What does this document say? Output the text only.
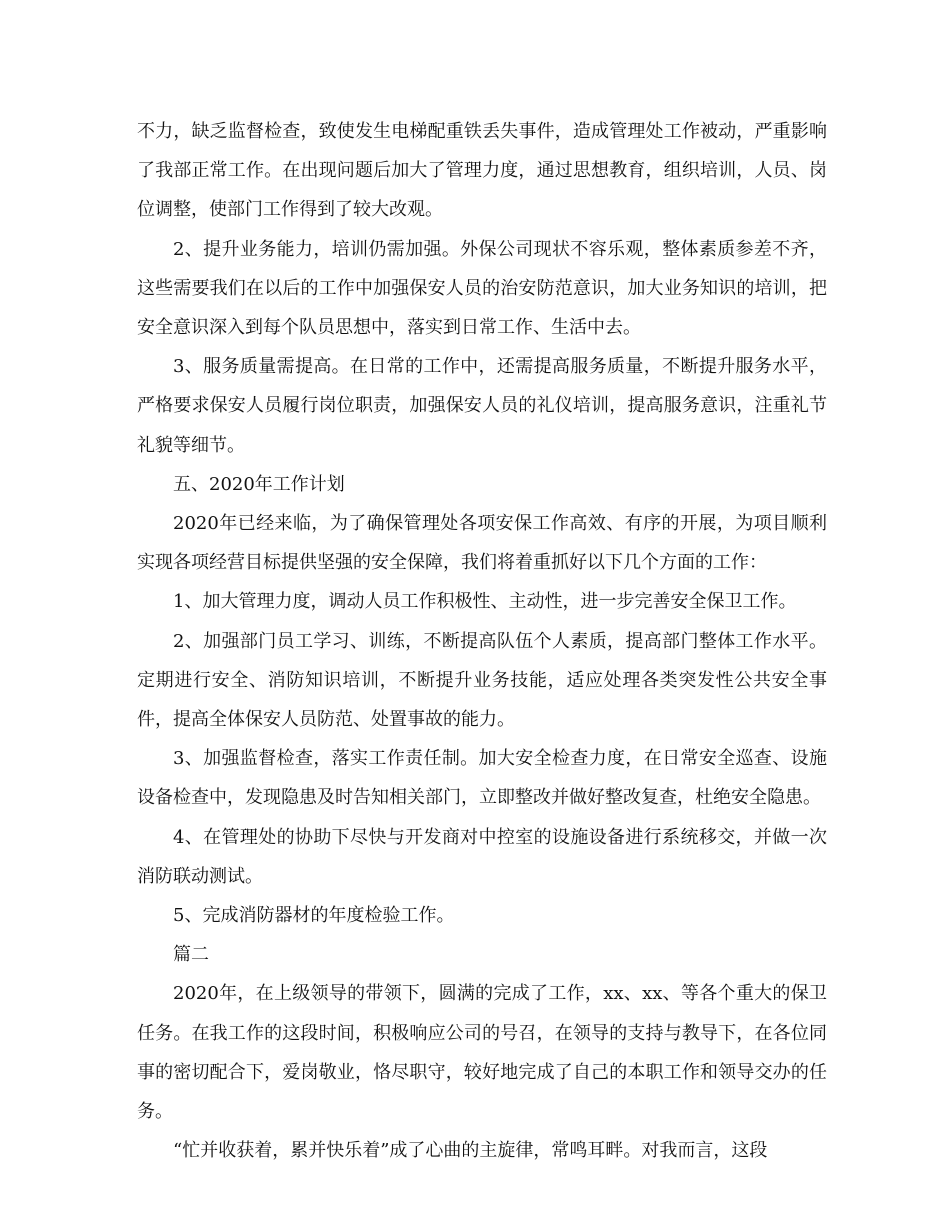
不力，缺乏监督检查，致使发生电梯配重铁丢失事件，造成管理处工作被动，严重影响了我部正常工作。在出现问题后加大了管理力度，通过思想教育，组织培训，人员、岗位调整，使部门工作得到了较大改观。

2、提升业务能力，培训仍需加强。外保公司现状不容乐观，整体素质参差不齐，这些需要我们在以后的工作中加强保安人员的治安防范意识，加大业务知识的培训，把安全意识深入到每个队员思想中，落实到日常工作、生活中去。

3、服务质量需提高。在日常的工作中，还需提高服务质量，不断提升服务水平，严格要求保安人员履行岗位职责，加强保安人员的礼仪培训，提高服务意识，注重礼节礼貌等细节。

五、2020年工作计划

2020年已经来临，为了确保管理处各项安保工作高效、有序的开展，为项目顺利实现各项经营目标提供坚强的安全保障，我们将着重抓好以下几个方面的工作：

1、加大管理力度，调动人员工作积极性、主动性，进一步完善安全保卫工作。

2、加强部门员工学习、训练，不断提高队伍个人素质，提高部门整体工作水平。定期进行安全、消防知识培训，不断提升业务技能，适应处理各类突发性公共安全事件，提高全体保安人员防范、处置事故的能力。

3、加强监督检查，落实工作责任制。加大安全检查力度，在日常安全巡查、设施设备检查中，发现隐患及时告知相关部门，立即整改并做好整改复查，杜绝安全隐患。

4、在管理处的协助下尽快与开发商对中控室的设施设备进行系统移交，并做一次消防联动测试。

5、完成消防器材的年度检验工作。

篇二

2020年，在上级领导的带领下，圆满的完成了工作，xx、xx、等各个重大的保卫任务。在我工作的这段时间，积极响应公司的号召，在领导的支持与教导下，在各位同事的密切配合下，爱岗敬业，恪尽职守，较好地完成了自己的本职工作和领导交办的任务。

“忙并收获着，累并快乐着”成了心曲的主旋律，常鸣耳畔。对我而言，这段
